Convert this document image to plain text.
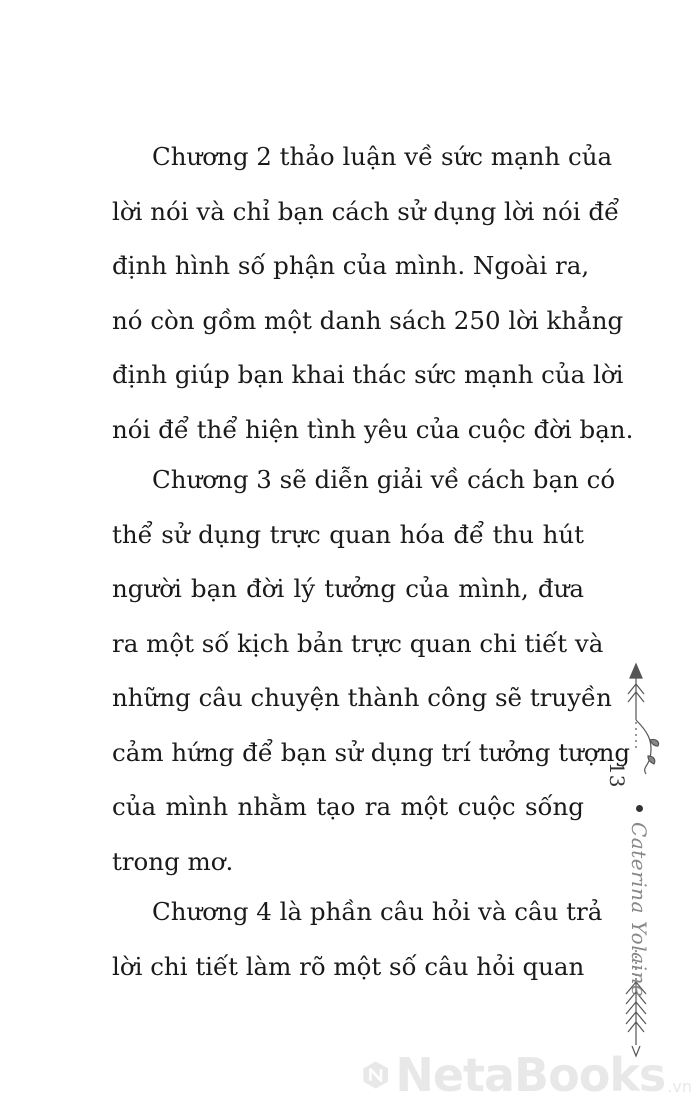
Chương 2 thảo luận về sức mạnh của
lời nói và chỉ bạn cách sử dụng lời nói để
định hình số phận của mình. Ngoài ra,
nó còn gồm một danh sách 250 lời khẳng
định giúp bạn khai thác sức mạnh của lời
nói để thể hiện tình yêu của cuộc đời bạn.
Chương 3 sẽ diễn giải về cách bạn có
thể sử dụng trực quan hóa để thu hút
người bạn đời lý tưởng của mình, đưa
ra một số kịch bản trực quan chi tiết và
những câu chuyện thành công sẽ truyền
cảm hứng để bạn sử dụng trí tưởng tượng
của mình nhằm tạo ra một cuộc sống
trong mơ.
Chương 4 là phần câu hỏi và câu trả
lời chi tiết làm rõ một số câu hỏi quan
13
Caterina Yolaine
NetaBooks .vn
